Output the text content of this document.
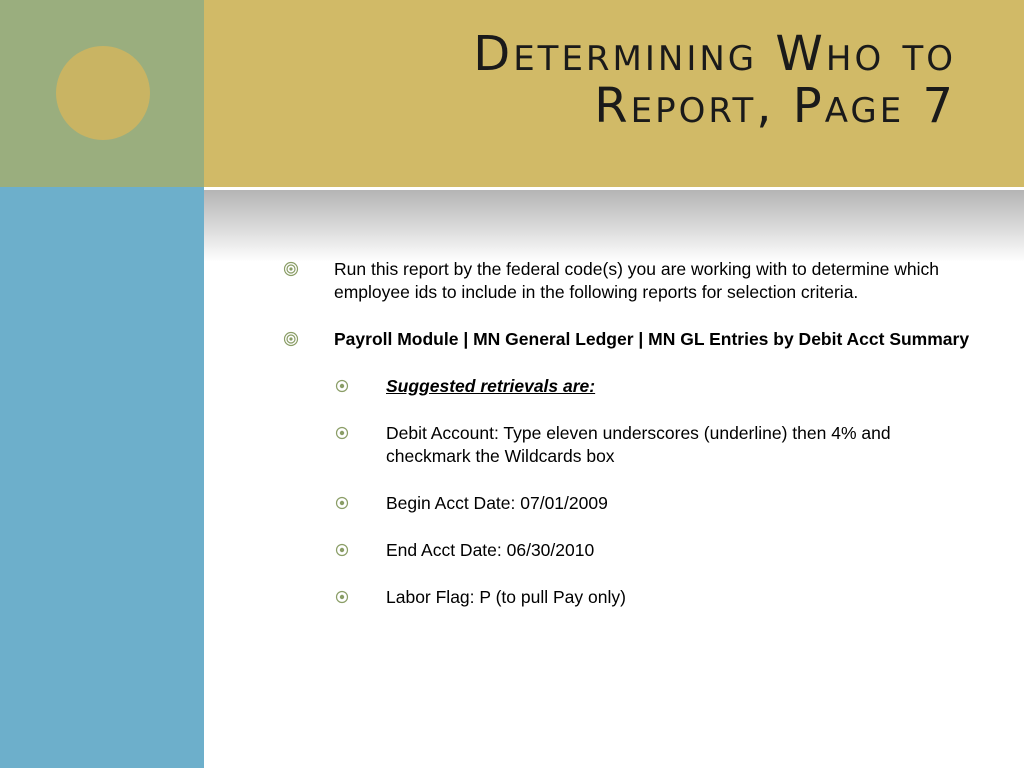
Determining Who to
Report, Page 7
Run this report by the federal code(s) you are working with to determine which employee ids to include in the following reports for selection criteria.
Payroll Module | MN General Ledger | MN GL Entries by Debit Acct Summary
Suggested retrievals are:
Debit Account: Type eleven underscores (underline) then 4% and checkmark the Wildcards box
Begin Acct Date: 07/01/2009
End Acct Date: 06/30/2010
Labor Flag: P (to pull Pay only)
